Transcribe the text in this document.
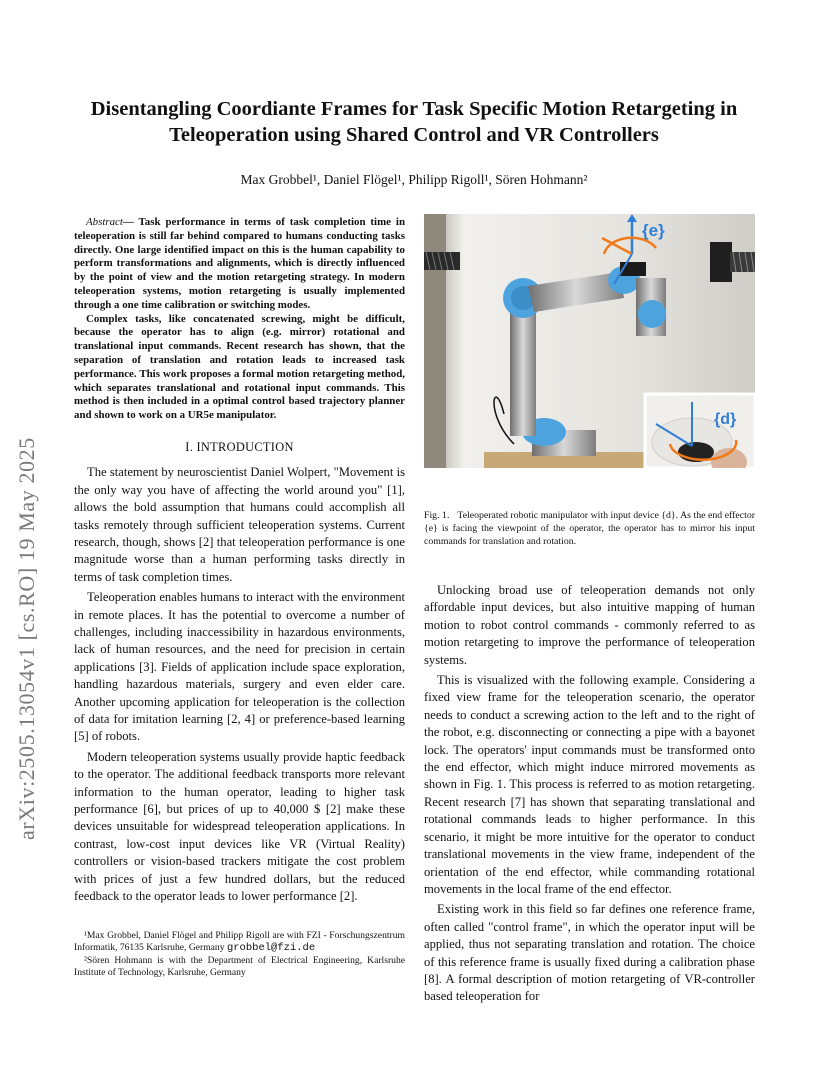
arXiv:2505.13054v1 [cs.RO] 19 May 2025
Disentangling Coordiante Frames for Task Specific Motion Retargeting in Teleoperation using Shared Control and VR Controllers
Max Grobbel¹, Daniel Flögel¹, Philipp Rigoll¹, Sören Hohmann²

Abstract— Task performance in terms of task completion time in teleoperation is still far behind compared to humans conducting tasks directly. One large identified impact on this is the human capability to perform transformations and alignments, which is directly influenced by the point of view and the motion retargeting strategy. In modern teleoperation systems, motion retargeting is usually implemented through a one time calibration or switching modes.

Complex tasks, like concatenated screwing, might be difficult, because the operator has to align (e.g. mirror) rotational and translational input commands. Recent research has shown, that the separation of translation and rotation leads to increased task performance. This work proposes a formal motion retargeting method, which separates translational and rotational input commands. This method is then included in a optimal control based trajectory planner and shown to work on a UR5e manipulator.

I. INTRODUCTION

The statement by neuroscientist Daniel Wolpert, "Movement is the only way you have of affecting the world around you" [1], allows the bold assumption that humans could accomplish all tasks remotely through sufficient teleoperation systems. Current research, though, shows [2] that teleoperation performance is one magnitude worse than a human performing tasks directly in terms of task completion times.

Teleoperation enables humans to interact with the environment in remote places. It has the potential to overcome a number of challenges, including inaccessibility in hazardous environments, lack of human resources, and the need for precision in certain applications [3]. Fields of application include space exploration, handling hazardous materials, surgery and even elder care. Another upcoming application for teleoperation is the collection of data for imitation learning [2, 4] or preference-based learning [5] of robots.

Modern teleoperation systems usually provide haptic feedback to the operator. The additional feedback transports more relevant information to the human operator, leading to higher task performance [6], but prices of up to 40,000 $ [2] make these devices unsuitable for widespread teleoperation applications. In contrast, low-cost input devices like VR (Virtual Reality) controllers or vision-based trackers mitigate the cost problem with prices of just a few hundred dollars, but the reduced feedback to the operator leads to lower performance [2].

¹Max Grobbel, Daniel Flögel and Philipp Rigoll are with FZI - Forschungszentrum Informatik, 76135 Karlsruhe, Germany grobbel@fzi.de

²Sören Hohmann is with the Department of Electrical Engineering, Karlsruhe Institute of Technology, Karlsruhe, Germany

{e}
{d}
Fig. 1. Teleoperated robotic manipulator with input device {d}. As the end effector {e} is facing the viewpoint of the operator, the operator has to mirror his input commands for translation and rotation.

Unlocking broad use of teleoperation demands not only affordable input devices, but also intuitive mapping of human motion to robot control commands - commonly referred to as motion retargeting to improve the performance of teleoperation systems.

This is visualized with the following example. Considering a fixed view frame for the teleoperation scenario, the operator needs to conduct a screwing action to the left and to the right of the robot, e.g. disconnecting or connecting a pipe with a bayonet lock. The operators' input commands must be transformed onto the end effector, which might induce mirrored movements as shown in Fig. 1. This process is referred to as motion retargeting. Recent research [7] has shown that separating translational and rotational commands leads to higher performance. In this scenario, it might be more intuitive for the operator to conduct translational movements in the view frame, independent of the orientation of the end effector, while commanding rotational movements in the local frame of the end effector.

Existing work in this field so far defines one reference frame, often called "control frame", in which the operator input will be applied, thus not separating translation and rotation. The choice of this reference frame is usually fixed during a calibration phase [8]. A formal description of motion retargeting of VR-controller based teleoperation for
